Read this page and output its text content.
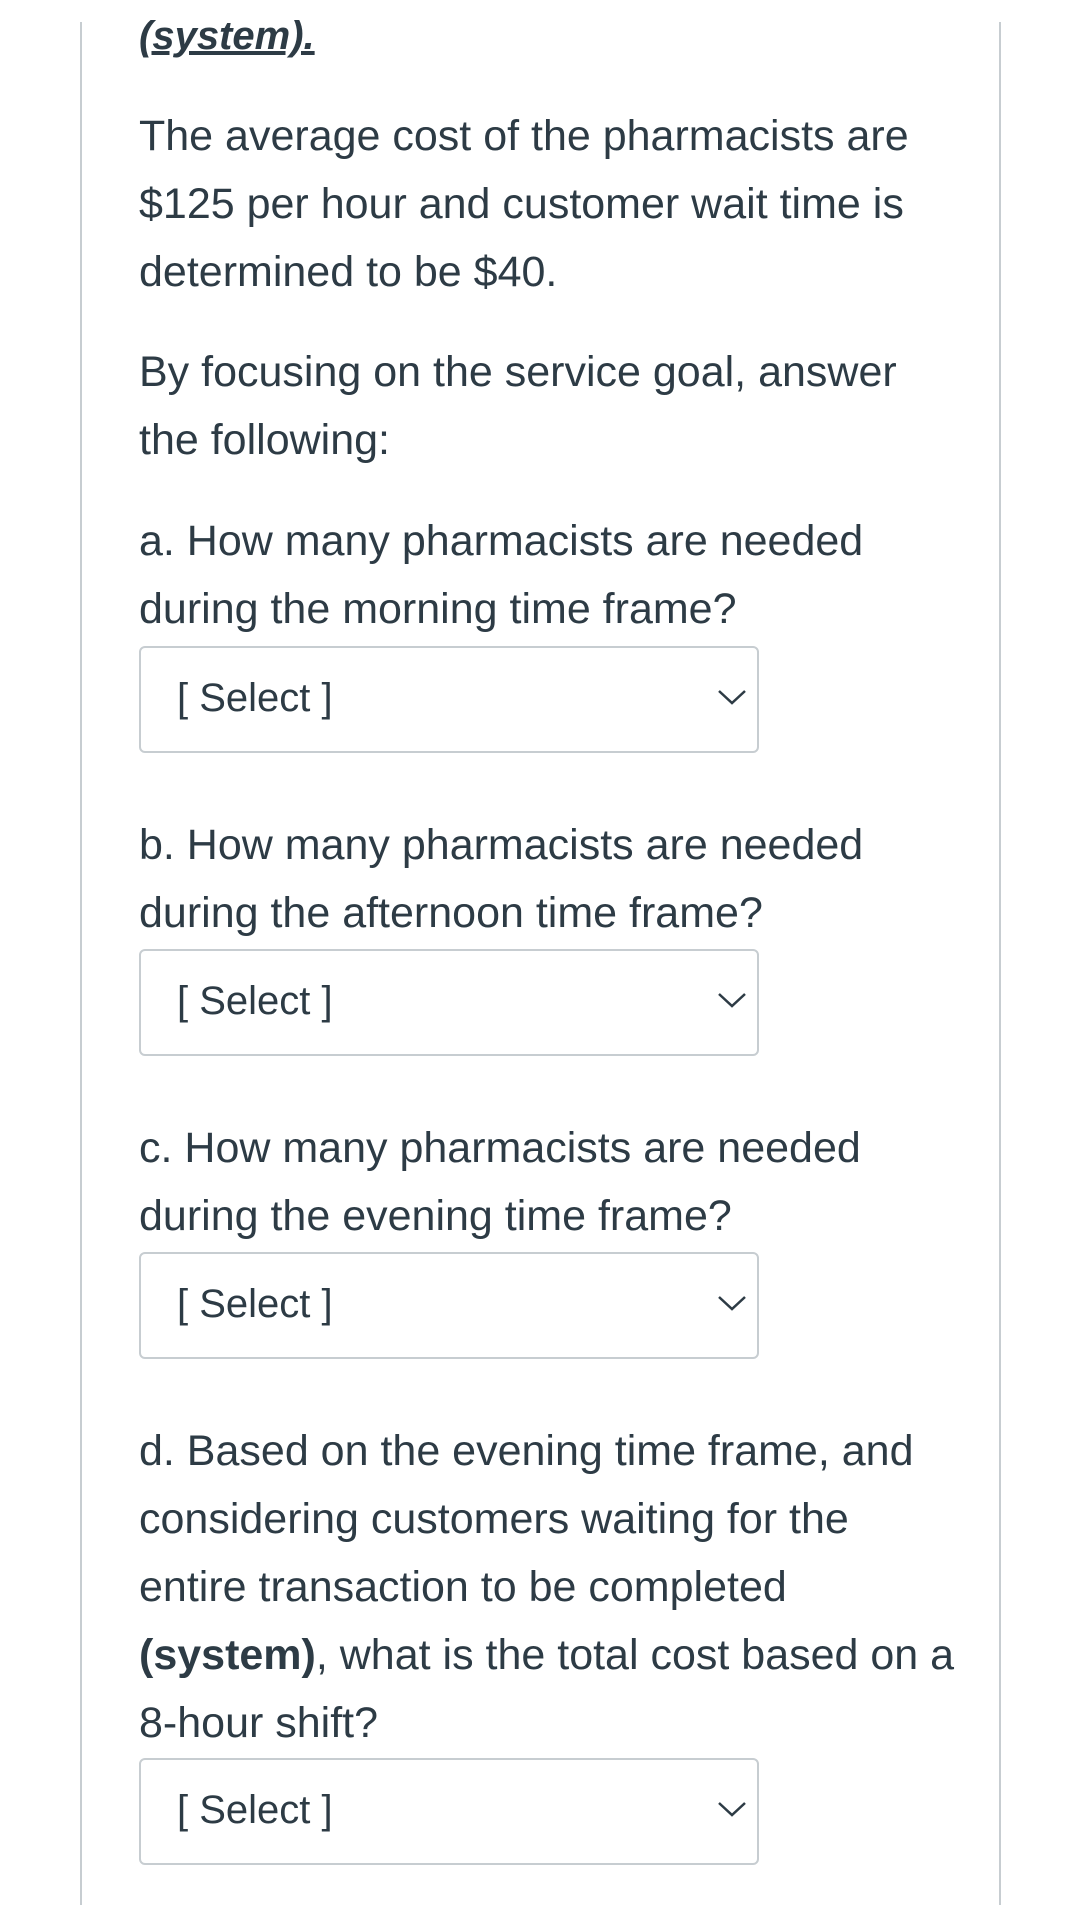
(system).

The average cost of the pharmacists are $125 per hour and customer wait time is determined to be $40.

By focusing on the service goal, answer the following:

a. How many pharmacists are needed during the morning time frame?

[ Select ]

b. How many pharmacists are needed during the afternoon time frame?

[ Select ]

c. How many pharmacists are needed during the evening time frame?

[ Select ]

d. Based on the evening time frame, and considering customers waiting for the entire transaction to be completed (system), what is the total cost based on a 8-hour shift?

[ Select ]
